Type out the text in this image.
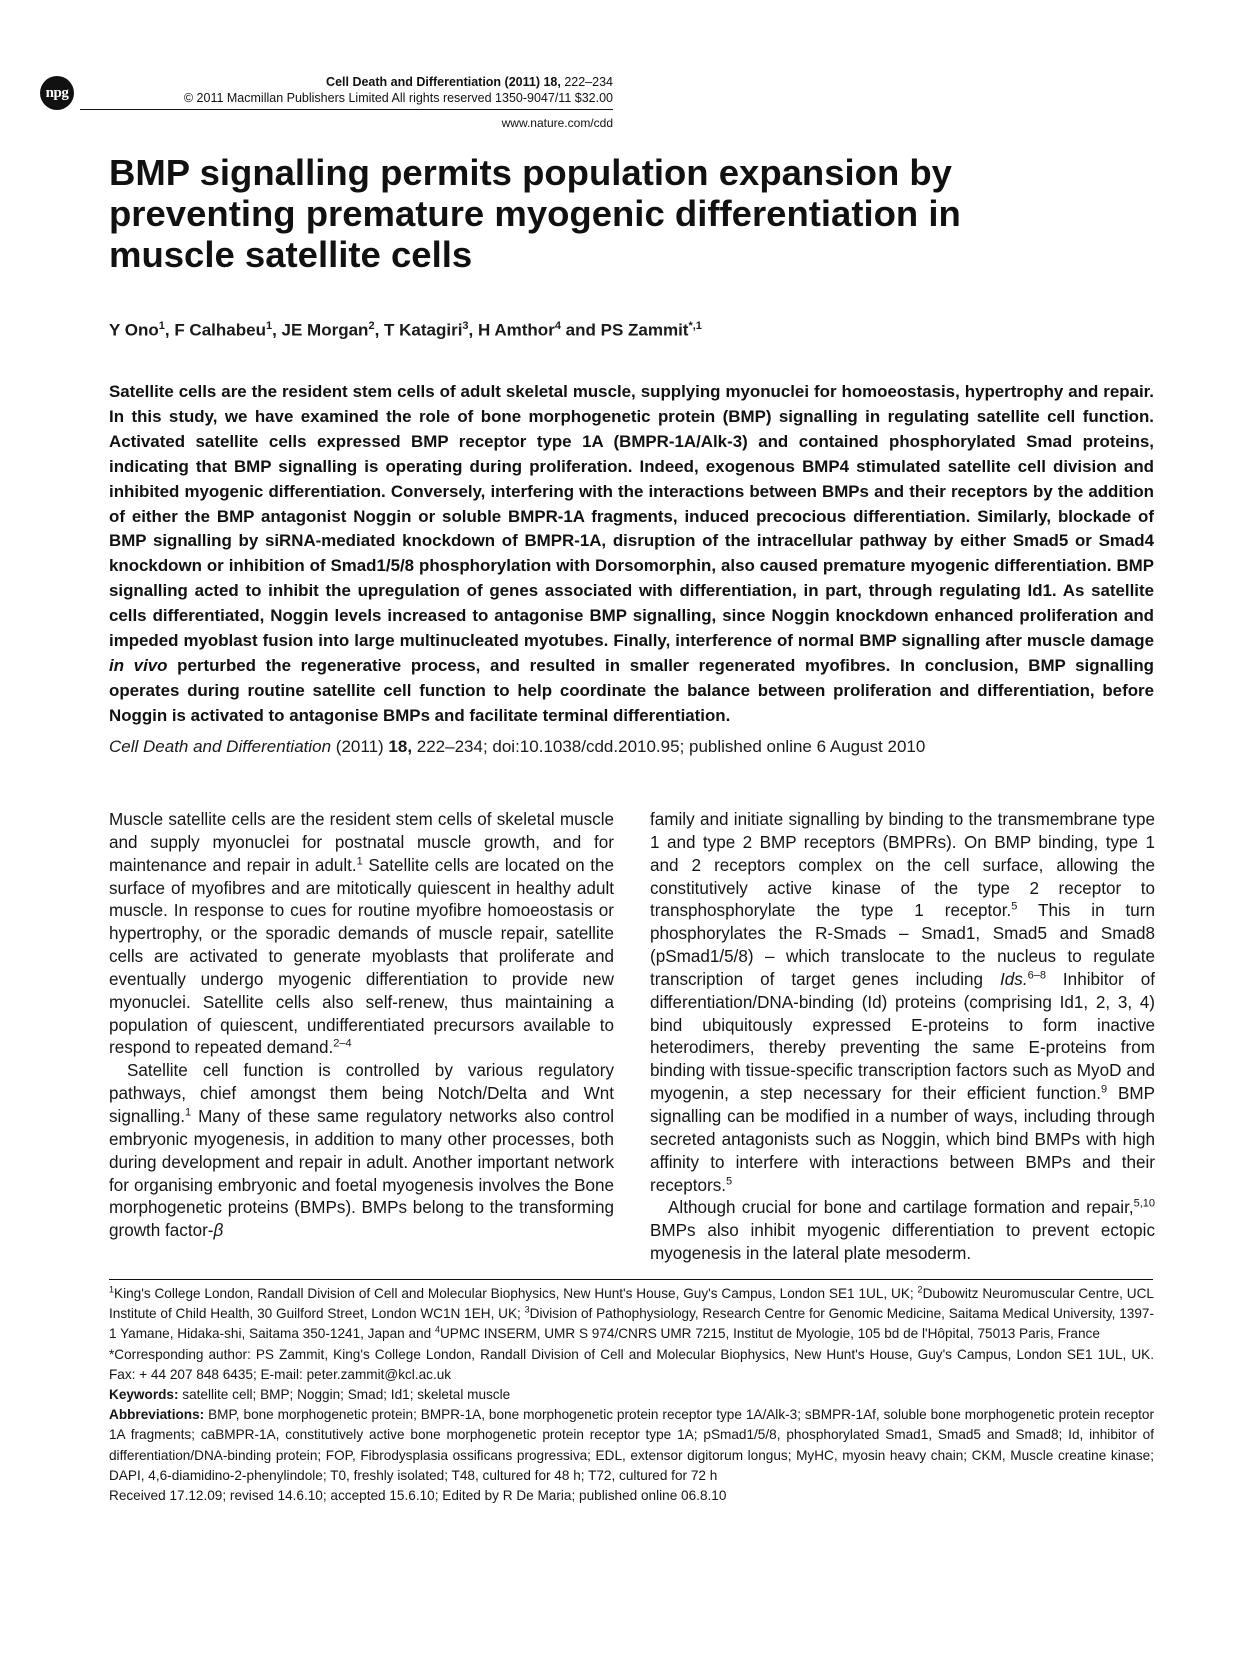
npg
Cell Death and Differentiation (2011) 18, 222–234
© 2011 Macmillan Publishers Limited All rights reserved 1350-9047/11 $32.00
www.nature.com/cdd
BMP signalling permits population expansion by preventing premature myogenic differentiation in muscle satellite cells
Y Ono$^1$, F Calhabeu$^1$, JE Morgan$^2$, T Katagiri$^3$, H Amthor$^4$ and PS Zammit$^{*,1}$

Satellite cells are the resident stem cells of adult skeletal muscle, supplying myonuclei for homoeostasis, hypertrophy and repair. In this study, we have examined the role of bone morphogenetic protein (BMP) signalling in regulating satellite cell function. Activated satellite cells expressed BMP receptor type 1A (BMPR-1A/Alk-3) and contained phosphorylated Smad proteins, indicating that BMP signalling is operating during proliferation. Indeed, exogenous BMP4 stimulated satellite cell division and inhibited myogenic differentiation. Conversely, interfering with the interactions between BMPs and their receptors by the addition of either the BMP antagonist Noggin or soluble BMPR-1A fragments, induced precocious differentiation. Similarly, blockade of BMP signalling by siRNA-mediated knockdown of BMPR-1A, disruption of the intracellular pathway by either Smad5 or Smad4 knockdown or inhibition of Smad1/5/8 phosphorylation with Dorsomorphin, also caused premature myogenic differentiation. BMP signalling acted to inhibit the upregulation of genes associated with differentiation, in part, through regulating Id1. As satellite cells differentiated, Noggin levels increased to antagonise BMP signalling, since Noggin knockdown enhanced proliferation and impeded myoblast fusion into large multinucleated myotubes. Finally, interference of normal BMP signalling after muscle damage in vivo perturbed the regenerative process, and resulted in smaller regenerated myofibres. In conclusion, BMP signalling operates during routine satellite cell function to help coordinate the balance between proliferation and differentiation, before Noggin is activated to antagonise BMPs and facilitate terminal differentiation.

Cell Death and Differentiation (2011) 18, 222–234; doi:10.1038/cdd.2010.95; published online 6 August 2010

Muscle satellite cells are the resident stem cells of skeletal muscle and supply myonuclei for postnatal muscle growth, and for maintenance and repair in adult.$^1$ Satellite cells are located on the surface of myofibres and are mitotically quiescent in healthy adult muscle. In response to cues for routine myofibre homoeostasis or hypertrophy, or the sporadic demands of muscle repair, satellite cells are activated to generate myoblasts that proliferate and eventually undergo myogenic differentiation to provide new myonuclei. Satellite cells also self-renew, thus maintaining a population of quiescent, undifferentiated precursors available to respond to repeated demand.$^{2-4}$

Satellite cell function is controlled by various regulatory pathways, chief amongst them being Notch/Delta and Wnt signalling.$^1$ Many of these same regulatory networks also control embryonic myogenesis, in addition to many other processes, both during development and repair in adult. Another important network for organising embryonic and foetal myogenesis involves the Bone morphogenetic proteins (BMPs). BMPs belong to the transforming growth factor-β

family and initiate signalling by binding to the transmembrane type 1 and type 2 BMP receptors (BMPRs). On BMP binding, type 1 and 2 receptors complex on the cell surface, allowing the constitutively active kinase of the type 2 receptor to transphosphorylate the type 1 receptor.$^5$ This in turn phosphorylates the R-Smads – Smad1, Smad5 and Smad8 (pSmad1/5/8) – which translocate to the nucleus to regulate transcription of target genes including Ids.$^{6-8}$ Inhibitor of differentiation/DNA-binding (Id) proteins (comprising Id1, 2, 3, 4) bind ubiquitously expressed E-proteins to form inactive heterodimers, thereby preventing the same E-proteins from binding with tissue-specific transcription factors such as MyoD and myogenin, a step necessary for their efficient function.$^9$ BMP signalling can be modified in a number of ways, including through secreted antagonists such as Noggin, which bind BMPs with high affinity to interfere with interactions between BMPs and their receptors.$^5$

Although crucial for bone and cartilage formation and repair,$^{5,10}$ BMPs also inhibit myogenic differentiation to prevent ectopic myogenesis in the lateral plate mesoderm.

$^1$King's College London, Randall Division of Cell and Molecular Biophysics, New Hunt's House, Guy's Campus, London SE1 1UL, UK; $^2$Dubowitz Neuromuscular Centre, UCL Institute of Child Health, 30 Guilford Street, London WC1N 1EH, UK; $^3$Division of Pathophysiology, Research Centre for Genomic Medicine, Saitama Medical University, 1397-1 Yamane, Hidaka-shi, Saitama 350-1241, Japan and $^4$UPMC INSERM, UMR S 974/CNRS UMR 7215, Institut de Myologie, 105 bd de l'Hôpital, 75013 Paris, France

*Corresponding author: PS Zammit, King's College London, Randall Division of Cell and Molecular Biophysics, New Hunt's House, Guy's Campus, London SE1 1UL, UK. Fax: + 44 207 848 6435; E-mail: peter.zammit@kcl.ac.uk

Keywords: satellite cell; BMP; Noggin; Smad; Id1; skeletal muscle

Abbreviations: BMP, bone morphogenetic protein; BMPR-1A, bone morphogenetic protein receptor type 1A/Alk-3; sBMPR-1Af, soluble bone morphogenetic protein receptor 1A fragments; caBMPR-1A, constitutively active bone morphogenetic protein receptor type 1A; pSmad1/5/8, phosphorylated Smad1, Smad5 and Smad8; Id, inhibitor of differentiation/DNA-binding protein; FOP, Fibrodysplasia ossificans progressiva; EDL, extensor digitorum longus; MyHC, myosin heavy chain; CKM, Muscle creatine kinase; DAPI, 4,6-diamidino-2-phenylindole; T0, freshly isolated; T48, cultured for 48 h; T72, cultured for 72 h

Received 17.12.09; revised 14.6.10; accepted 15.6.10; Edited by R De Maria; published online 06.8.10
